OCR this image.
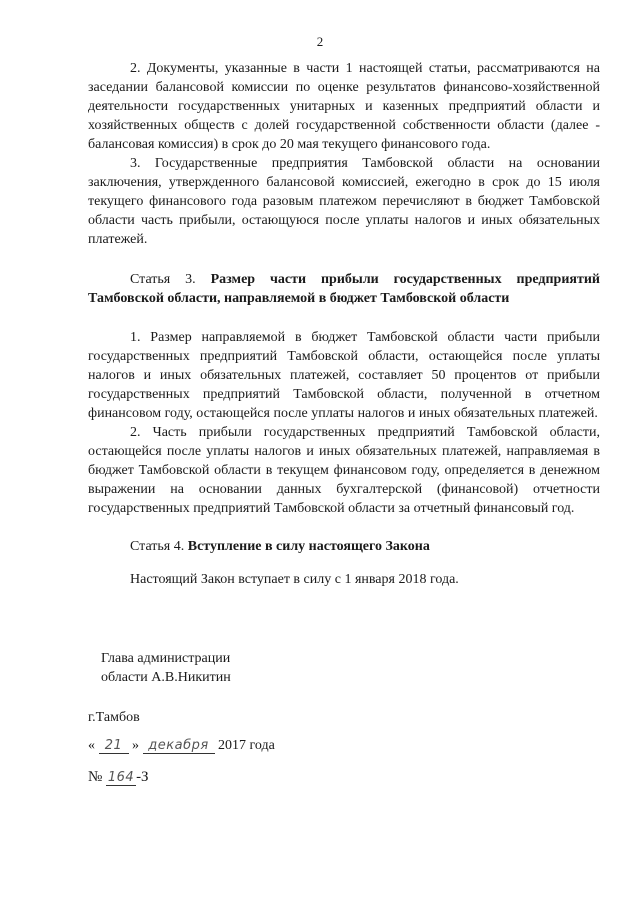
2

2. Документы, указанные в части 1 настоящей статьи, рассматриваются на заседании балансовой комиссии по оценке результатов финансово-хозяйственной деятельности государственных унитарных и казенных предприятий области и хозяйственных обществ с долей государственной собственности области (далее - балансовая комиссия) в срок до 20 мая текущего финансового года.

3. Государственные предприятия Тамбовской области на основании заключения, утвержденного балансовой комиссией, ежегодно в срок до 15 июля текущего финансового года разовым платежом перечисляют в бюджет Тамбовской области часть прибыли, остающуюся после уплаты налогов и иных обязательных платежей.

Статья 3. Размер части прибыли государственных предприятий Тамбовской области, направляемой в бюджет Тамбовской области

1. Размер направляемой в бюджет Тамбовской области части прибыли государственных предприятий Тамбовской области, остающейся после уплаты налогов и иных обязательных платежей, составляет 50 процентов от прибыли государственных предприятий Тамбовской области, полученной в отчетном финансовом году, остающейся после уплаты налогов и иных обязательных платежей.

2. Часть прибыли государственных предприятий Тамбовской области, остающейся после уплаты налогов и иных обязательных платежей, направляемая в бюджет Тамбовской области в текущем финансовом году, определяется в денежном выражении на основании данных бухгалтерской (финансовой) отчетности государственных предприятий Тамбовской области за отчетный финансовый год.

Статья 4. Вступление в силу настоящего Закона

Настоящий Закон вступает в силу с 1 января 2018 года.

Глава администрации
области А.В.Никитин
г.Тамбов
« 21 » декабря 2017 года
№ 164 -З
